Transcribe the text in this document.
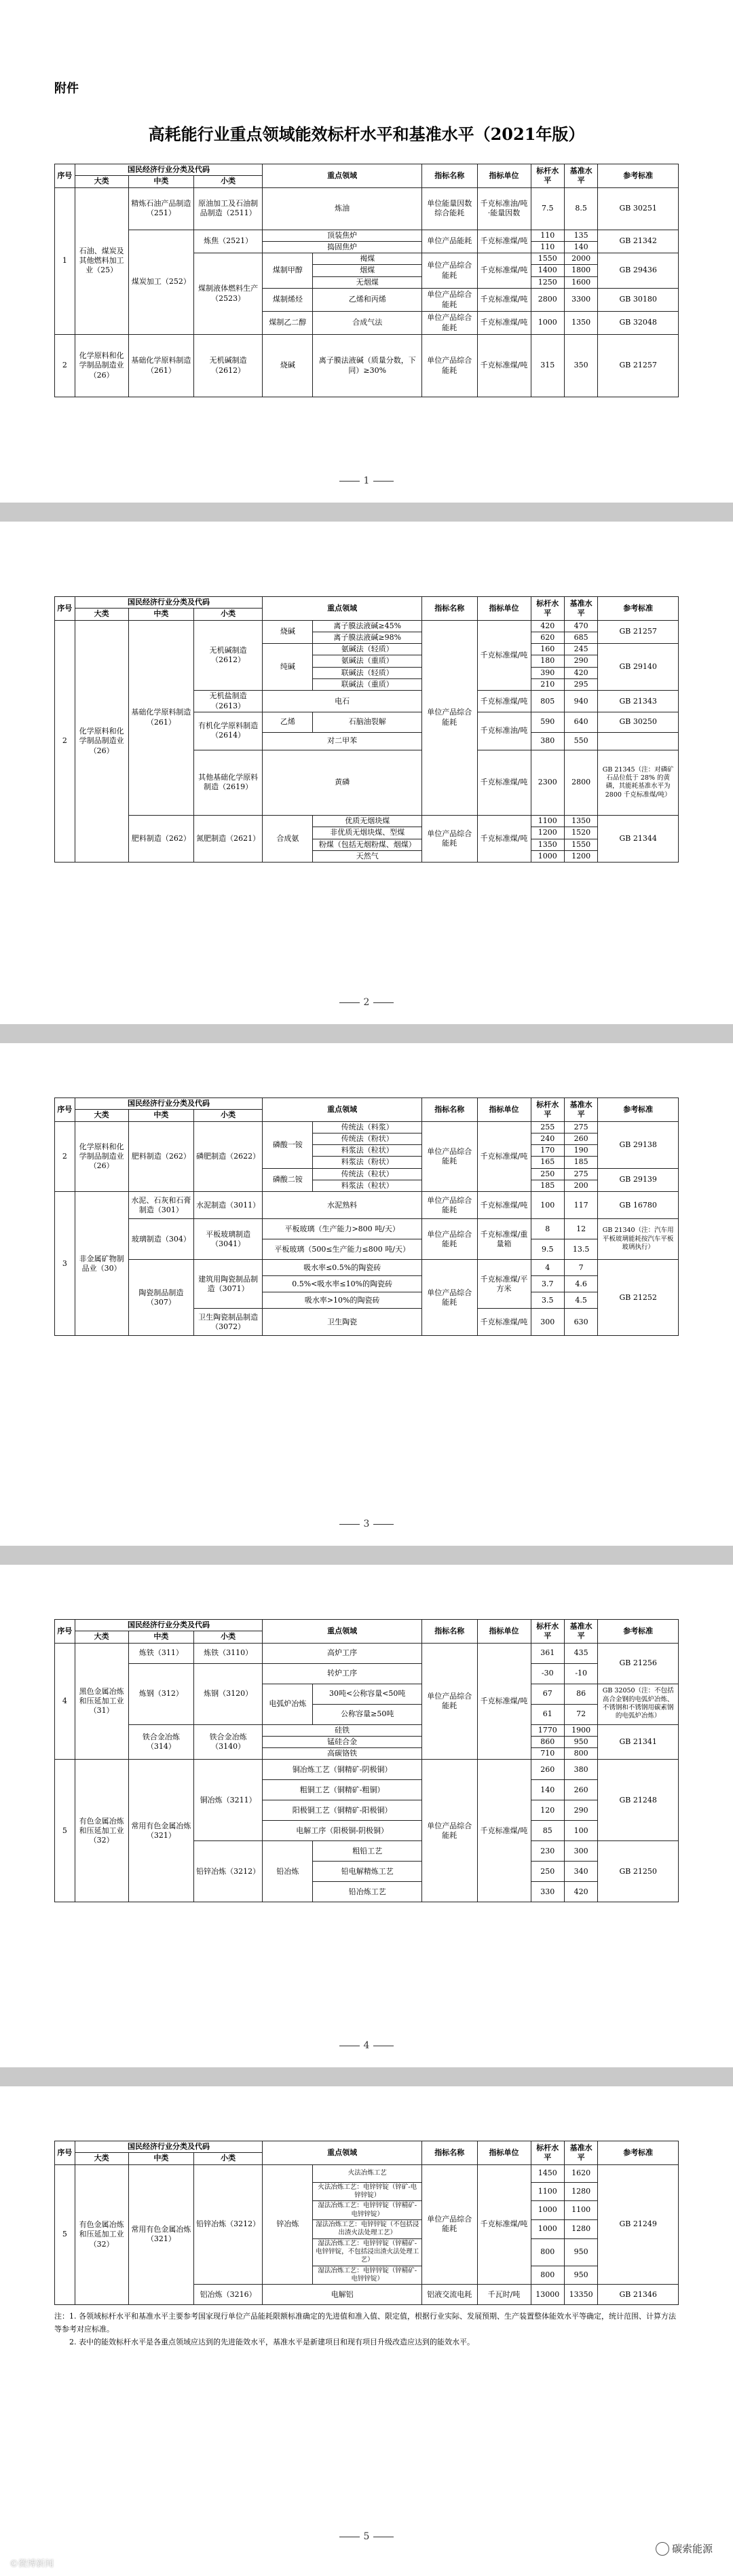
附件
高耗能行业重点领域能效标杆水平和基准水平（2021年版）
序号	国民经济行业分类及代码			重点领域		指标名称	指标单位	标杆水平	基准水平	参考标准
	大类	中类	小类							
1	石油、煤炭及其他燃料加工业（25）	精炼石油产品制造（251）	原油加工及石油制品制造（2511）	炼油		单位能量因数综合能耗	千克标准油/吨·能量因数	7.5	8.5	GB 30251
		煤炭加工（252）	炼焦（2521）	顶装焦炉		单位产品能耗	千克标准煤/吨	110	135	GB 21342
				捣固焦炉				110	140	
			煤制液体燃料生产（2523）	煤制甲醇	褐煤	单位产品综合能耗	千克标准煤/吨	1550	2000	GB 29436
					烟煤			1400	1800	
					无烟煤			1250	1600	
				煤制烯烃	乙烯和丙烯	单位产品综合能耗	千克标准煤/吨	2800	3300	GB 30180
				煤制乙二醇	合成气法	单位产品综合能耗	千克标准煤/吨	1000	1350	GB 32048
2	化学原料和化学制品制造业（26）	基础化学原料制造（261）	无机碱制造（2612）	烧碱	离子膜法液碱（质量分数，下同）≥30%	单位产品综合能耗	千克标准煤/吨	315	350	GB 21257
1
序号	国民经济行业分类及代码			重点领域		指标名称	指标单位	标杆水平	基准水平	参考标准
	大类	中类	小类							
2	化学原料和化学制品制造业（26）	基础化学原料制造（261）	无机碱制造（2612）	烧碱	离子膜法液碱≥45%	单位产品综合能耗	千克标准煤/吨	420	470	GB 21257
					离子膜法液碱≥98%			620	685	
				纯碱	氨碱法（轻质）			160	245	GB 29140
					氨碱法（重质）			180	290	
					联碱法（轻质）			390	420	
					联碱法（重质）			210	295	
			无机盐制造（2613）	电石			千克标准煤/吨	805	940	GB 21343
			有机化学原料制造（2614）	乙烯	石脑油裂解		千克标准油/吨	590	640	GB 30250
				对二甲苯				380	550	
			其他基础化学原料制造（2619）	黄磷			千克标准煤/吨	2300	2800	GB 21345（注：对磷矿石品位低于 28% 的黄磷，其能耗基准水平为 2800 千克标准煤/吨）

		肥料制造（262）	氮肥制造（2621）	合成氨	优质无烟块煤	单位产品综合能耗	千克标准煤/吨	1100	1350	GB 21344
					非优质无烟块煤、型煤			1200	1520	
					粉煤（包括无烟粉煤、烟煤）			1350	1550	
					天然气			1000	1200	
2
序号	国民经济行业分类及代码			重点领域		指标名称	指标单位	标杆水平	基准水平	参考标准
	大类	中类	小类							
2	化学原料和化学制品制造业（26）	肥料制造（262）	磷肥制造（2622）	磷酸一铵	传统法（料浆）	单位产品综合能耗	千克标准煤/吨	255	275	GB 29138
					传统法（粉状）			240	260	
					料浆法（粒状）			170	190	
					料浆法（粉状）			165	185	
				磷酸二铵	传统法（粒状）			250	275	GB 29139
					料浆法（粒状）			185	200	
3	非金属矿物制品业（30）	水泥、石灰和石膏制造（301）	水泥制造（3011）	水泥熟料		单位产品综合能耗	千克标准煤/吨	100	117	GB 16780
		玻璃制造（304）	平板玻璃制造（3041）	平板玻璃（生产能力>800 吨/天）		单位产品综合能耗	千克标准煤/重量箱	8	12	GB 21340（注：汽车用平板玻璃能耗按汽车平板玻璃执行）
				平板玻璃（500≤生产能力≤800 吨/天）				9.5	13.5	
		陶瓷制品制造（307）	建筑用陶瓷制品制造（3071）	吸水率≤0.5%的陶瓷砖		单位产品综合能耗	千克标准煤/平方米	4	7	GB 21252
				0.5%<吸水率≤10%的陶瓷砖				3.7	4.6	
				吸水率>10%的陶瓷砖				3.5	4.5	
			卫生陶瓷制品制造（3072）	卫生陶瓷			千克标准煤/吨	300	630	
3
序号	国民经济行业分类及代码			重点领域		指标名称	指标单位	标杆水平	基准水平	参考标准
	大类	中类	小类							
4	黑色金属冶炼和压延加工业（31）	炼铁（311）	炼铁（3110）	高炉工序		单位产品综合能耗	千克标准煤/吨	361	435	GB 21256
		炼钢（312）	炼钢（3120）	转炉工序				-30	-10	
				电弧炉冶炼	30吨<公称容量<50吨			67	86	GB 32050（注：不包括高合金钢的电弧炉冶炼、不锈钢和不锈钢用碳素钢的电弧炉冶炼）
					公称容量≥50吨			61	72	
		铁合金冶炼（314）	铁合金冶炼（3140）	硅铁				1770	1900	GB 21341
				锰硅合金				860	950	
				高碳铬铁				710	800	
5	有色金属冶炼和压延加工业（32）	常用有色金属冶炼（321）	铜冶炼（3211）	铜冶炼工艺（铜精矿-阴极铜）		单位产品综合能耗	千克标准煤/吨	260	380	GB 21248
				粗铜工艺（铜精矿-粗铜）				140	260	
				阳极铜工艺（铜精矿-阳极铜）				120	290	
				电解工序（阳极铜-阴极铜）				85	100	
			铅锌冶炼（3212）	铅冶炼	粗铅工艺			230	300	GB 21250
					铅电解精炼工艺			250	340	
					铅冶炼工艺			330	420	
4
序号	国民经济行业分类及代码			重点领域		指标名称	指标单位	标杆水平	基准水平	参考标准
	大类	中类	小类							
5	有色金属冶炼和压延加工业（32）	常用有色金属冶炼（321）	铅锌冶炼（3212）	锌冶炼	火法冶炼工艺	单位产品综合能耗	千克标准煤/吨	1450	1620	GB 21249
					火法冶炼工艺：电锌锌锭（锌矿-电锌锌锭）			1100	1280	
					湿法冶炼工艺：电锌锌锭（锌精矿-电锌锌锭）			1000	1100	
					湿法冶炼工艺：电锌锌锭（不包括浸出渣火法处理工艺）			1000	1280	
					湿法冶炼工艺：电锌锌锭（锌精矿-电锌锌锭，不包括浸出渣火法处理工艺）			800	950	
					湿法冶炼工艺：电锌锌锭（锌精矿-电锌锌锭）			800	950	
			铝冶炼（3216）	电解铝		铝液交流电耗	千瓦时/吨	13000	13350	GB 21346
注：1. 各领域标杆水平和基准水平主要参考国家现行单位产品能耗限额标准确定的先进值和准入值、限定值，根据行业实际、发展预期、生产装置整体能效水平等确定，统计范围、计算方法等参考对应标准。
2. 表中的能效标杆水平是各重点领域应达到的先进能效水平，基准水平是新建项目和现有项目升级改造应达到的能效水平。
5
©微博新闻
碳索能源
